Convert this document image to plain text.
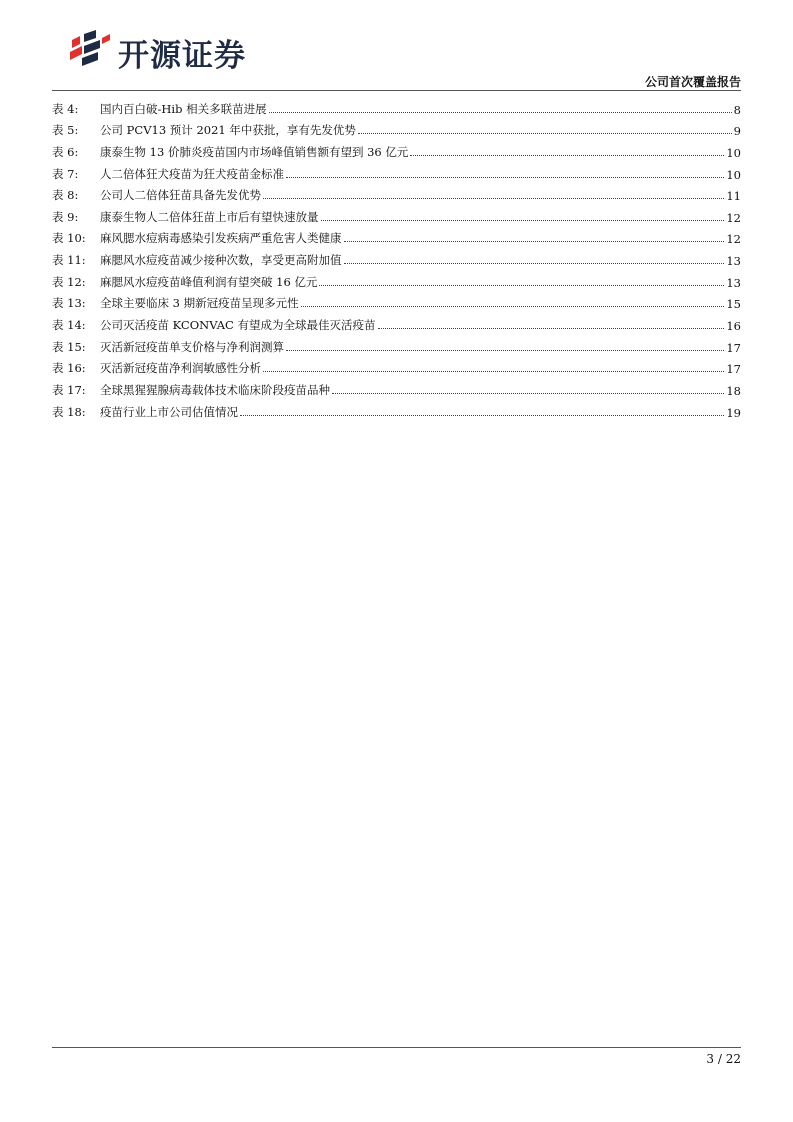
开源证券
公司首次覆盖报告
表 4:	国内百白破-Hib 相关多联苗进展	8
表 5:	公司 PCV13 预计 2021 年中获批，享有先发优势	9
表 6:	康泰生物 13 价肺炎疫苗国内市场峰值销售额有望到 36 亿元	10
表 7:	人二倍体狂犬疫苗为狂犬疫苗金标准	10
表 8:	公司人二倍体狂苗具备先发优势	11
表 9:	康泰生物人二倍体狂苗上市后有望快速放量	12
表 10:	麻风腮水痘病毒感染引发疾病严重危害人类健康	12
表 11:	麻腮风水痘疫苗减少接种次数，享受更高附加值	13
表 12:	麻腮风水痘疫苗峰值利润有望突破 16 亿元	13
表 13:	全球主要临床 3 期新冠疫苗呈现多元性	15
表 14:	公司灭活疫苗 KCONVAC 有望成为全球最佳灭活疫苗	16
表 15:	灭活新冠疫苗单支价格与净利润测算	17
表 16:	灭活新冠疫苗净利润敏感性分析	17
表 17:	全球黑猩猩腺病毒载体技术临床阶段疫苗品种	18
表 18:	疫苗行业上市公司估值情况	19
3 / 22
